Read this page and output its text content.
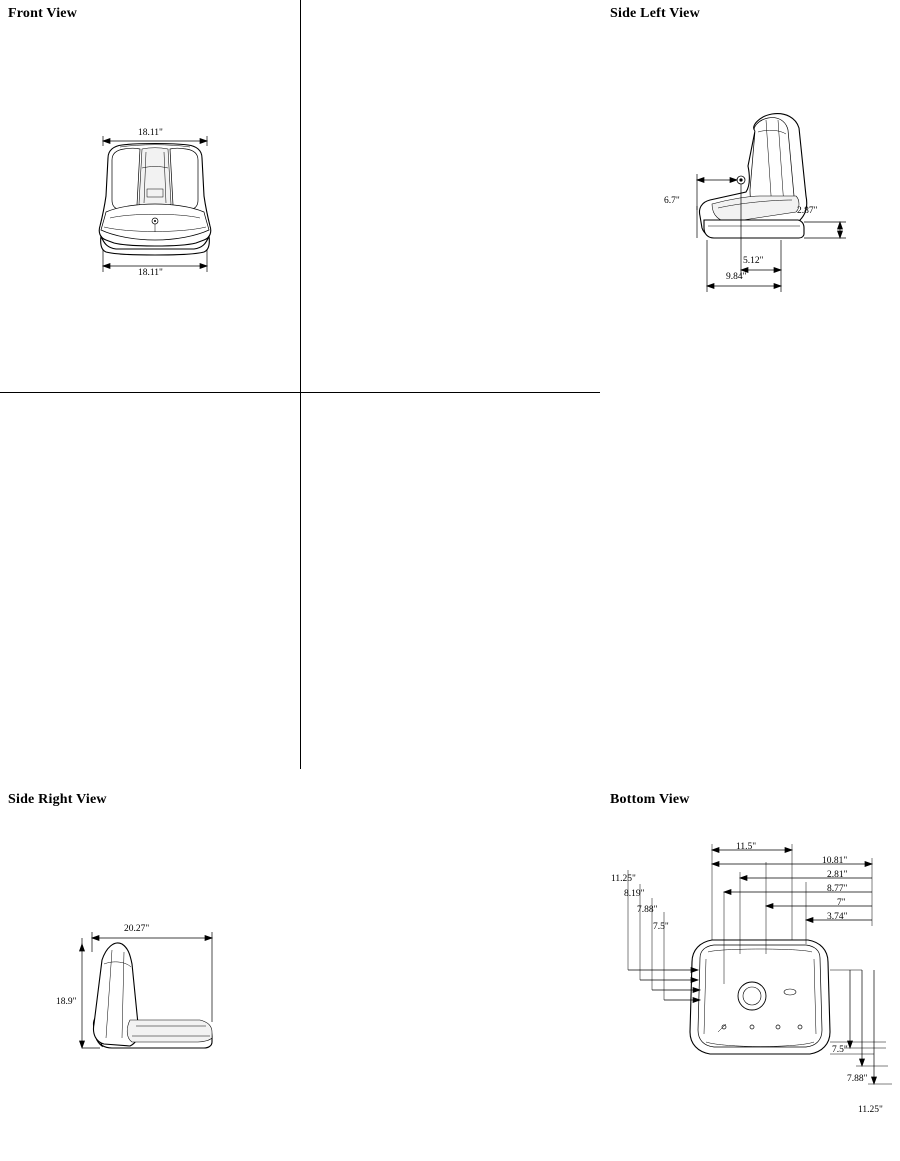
Front View
18.11"
18.11"
Side Left View
6.7"
2.87"
5.12"
9.84"
Side Right View
20.27"
18.9"
Bottom View
11.5"
10.81"
2.81"
8.77"
7"
3.74"
11.25"
8.19"
7.88"
7.5"
7.5"
7.88"
11.25"
